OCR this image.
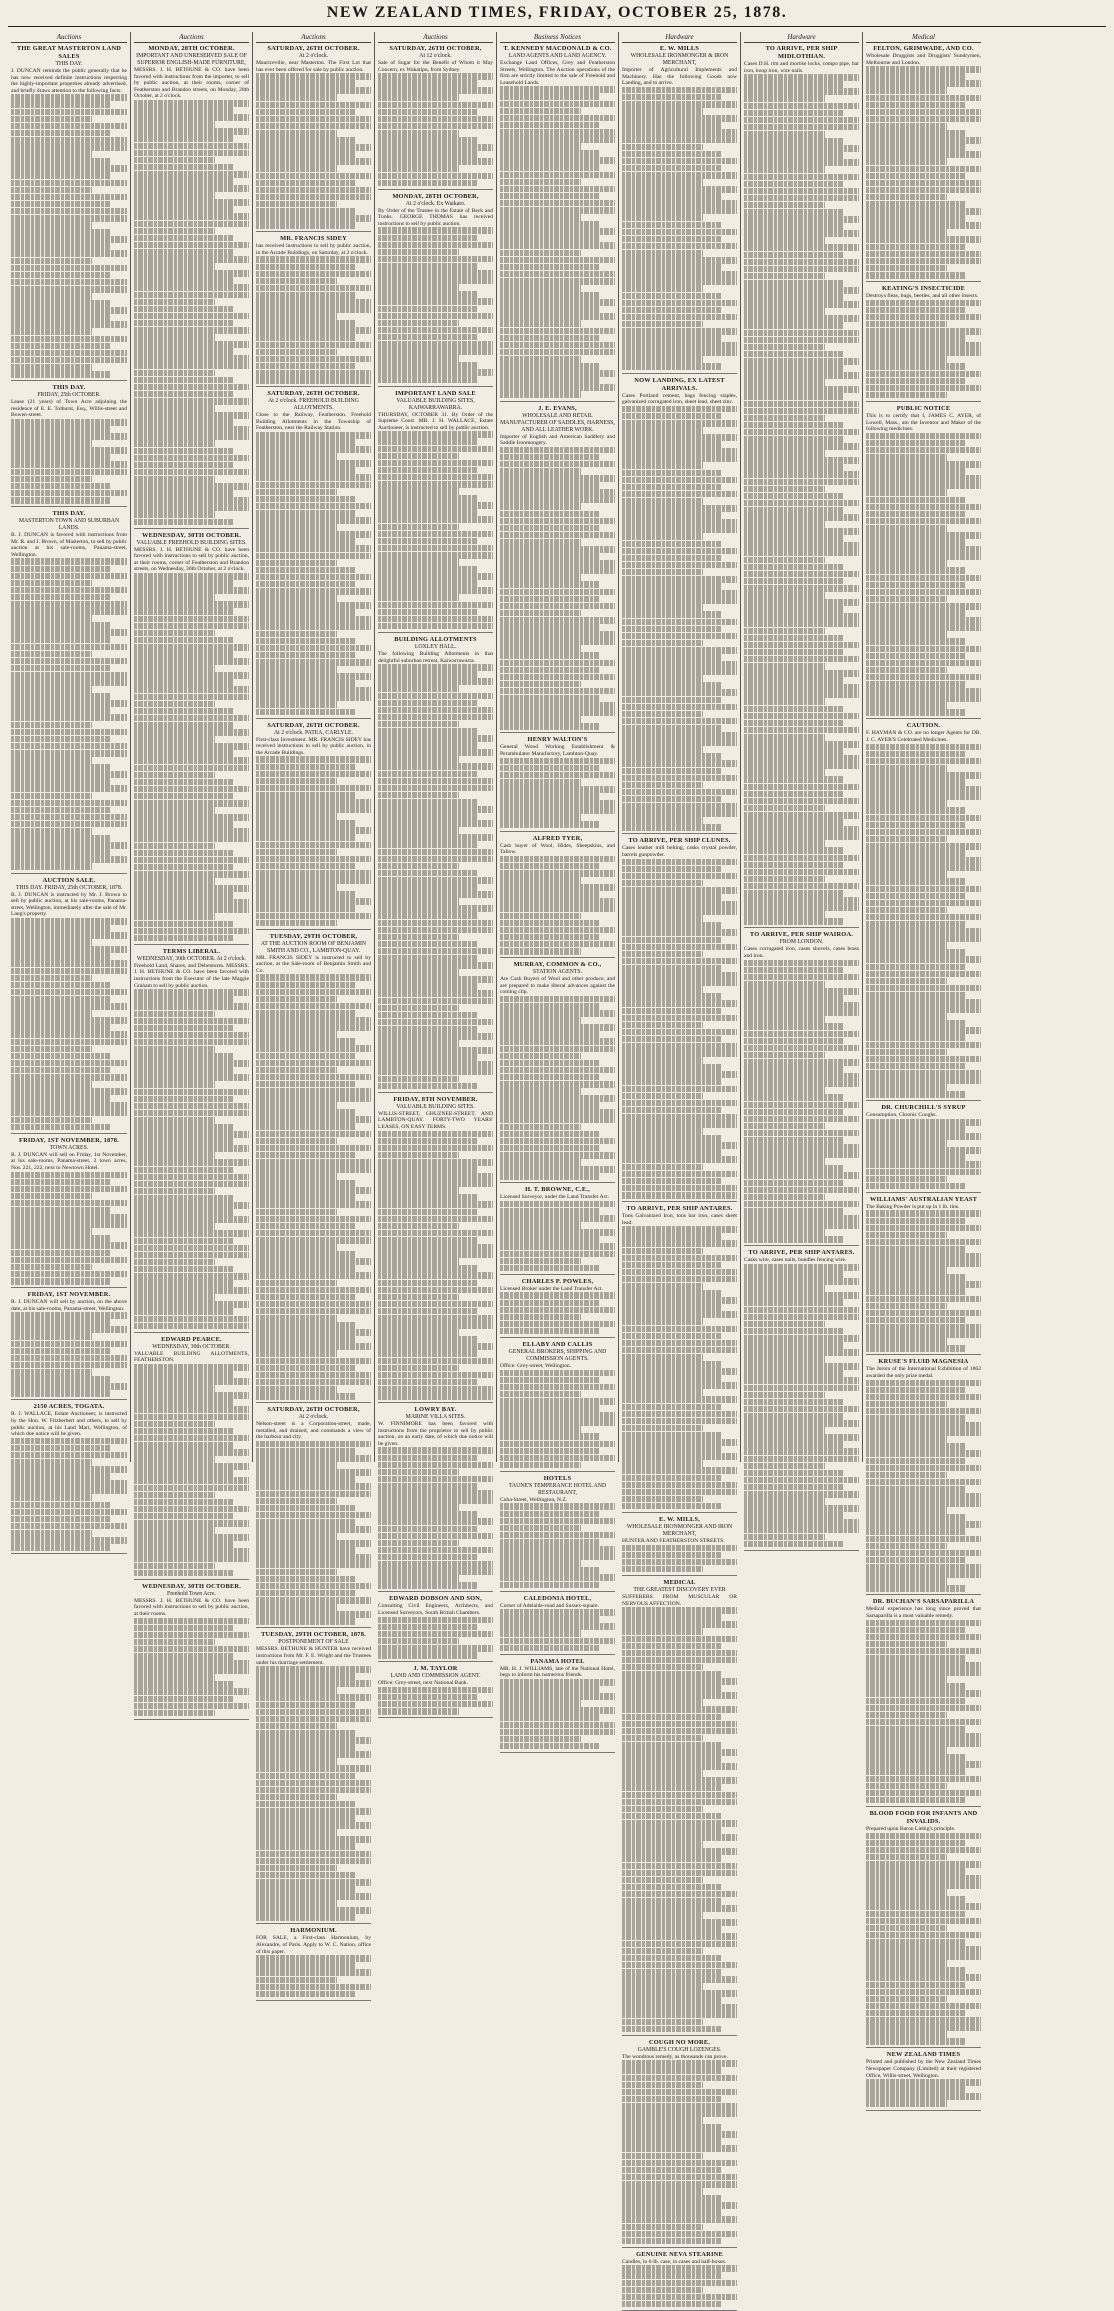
NEW ZEALAND TIMES, FRIDAY, OCTOBER 25, 1878.
Auctions
THE GREAT MASTERTON LAND SALES
THIS DAY.
J. DUNCAN reminds the public generally that he has now received definite instructions respecting the highly-important properties already advertised, and briefly draws attention to the following facts:
THIS DAY.
FRIDAY, 25th OCTOBER.
Lease (21 years) of Town Acre adjoining the residence of E. E. Tolhurst, Esq., Willis-street and Bowen-street.
THIS DAY.
MASTERTON TOWN AND SUBURBAN LANDS.
R. J. DUNCAN is favored with instructions from Mr. R. and J. Brown, of Masterton, to sell by public auction at his sale-rooms, Panama-street, Wellington.
AUCTION SALE.
THIS DAY. FRIDAY, 25th OCTOBER, 1878.
R. J. DUNCAN is instructed by Mr. J. Brown to sell by public auction, at his sale-rooms, Panama-street, Wellington, immediately after the sale of Mr. Lang's property.
FRIDAY, 1ST NOVEMBER, 1878.
TOWN ACRES.
R. J. DUNCAN will sell on Friday, 1st November, at his sale-rooms, Panama-street, 2 town acres, Nos. 221, 222, next to Newtown Hotel.
FRIDAY, 1ST NOVEMBER.
R. J. DUNCAN will sell by auction, on the above date, at his sale-rooms, Panama-street, Wellington.
2150 ACRES, TOGATA.
R. J. WALLACE, Estate Auctioneer, is instructed by the Hon. W. Fitzherbert and others, to sell by public auction, at his Land Mart, Wellington, of which due notice will be given.
Auctions
MONDAY, 28TH OCTOBER.
IMPORTANT AND UNRESERVED SALE OF SUPERIOR ENGLISH-MADE FURNITURE,
MESSRS. J. H. BETHUNE & CO. have been favored with instructions from the importer, to sell by public auction, at their rooms, corner of Featherston and Brandon streets, on Monday, 28th October, at 2 o'clock.
WEDNESDAY, 30TH OCTOBER.
VALUABLE FREEHOLD BUILDING SITES.
MESSRS. J. H. BETHUNE & CO. have been favored with instructions to sell by public auction, at their rooms, corner of Featherston and Brandon streets, on Wednesday, 30th October, at 2 o'clock.
TERMS LIBERAL.
WEDNESDAY, 30th OCTOBER. At 2 o'clock.
Freehold Land, Shares, and Debentures. MESSRS. J. H. BETHUNE & CO. have been favored with instructions from the Executor of the late Maggie Graham to sell by public auction.
EDWARD PEARCE.
WEDNESDAY, 30th OCTOBER.
VALUABLE BUILDING ALLOTMENTS, FEATHERSTON.
WEDNESDAY, 30TH OCTOBER.
Freehold Town Acre.
MESSRS. J. H. BETHUNE & CO. have been favored with instructions to sell by public auction, at their rooms.
Auctions
SATURDAY, 26TH OCTOBER.
At 2 o'clock.
Mauricevilie, near Masterton. The First Lot that has ever been offered for sale by public auction.
MR. FRANCIS SIDEY
has received instructions to sell by public auction, in the Arcade Buildings, on Saturday, at 2 o'clock.
SATURDAY, 26TH OCTOBER.
At 2 o'clock. FREEHOLD BUILDING ALLOTMENTS.
Close to the Railway, Featherston. Freehold Building Allotments in the Township of Featherston, near the Railway Station.
SATURDAY, 26TH OCTOBER.
At 2 o'clock. PATEA, CARLYLE.
First-class Investment. MR. FRANCIS SIDEY has received instructions to sell by public auction, in the Arcade Buildings.
TUESDAY, 29TH OCTOBER,
AT THE AUCTION ROOM OF BENJAMIN SMITH AND CO., LAMBTON-QUAY.
MR. FRANCIS SIDEY is instructed to sell by auction, at the Sale-room of Benjamin Smith and Co.
SATURDAY, 26TH OCTOBER,
At 2 o'clock.
Nelson-street is a Corporation-street, made, metalled, and drained, and commands a view of the harbour and city.
TUESDAY, 29TH OCTOBER, 1878.
POSTPONEMENT OF SALE
MESSRS. BETHUNE & HUNTER have received instructions from Mr. F. E. Wright and the Trustees under his marriage settlement.
HARMONIUM.
FOR SALE, a First-class Harmonium, by Alexandre, of Paris. Apply to W. C. Nation, office of this paper.
Auctions
SATURDAY, 26TH OCTOBER,
At 12 o'clock.
Sale of Sugar for the Benefit of Whom it May Concern, ex Wakatipu, from Sydney.
MONDAY, 28TH OCTOBER,
At 2 o'clock. Ex Waikato.
By Order of the Trustee in the Estate of Beck and Tonks. GEORGE THOMAS has received instructions to sell by public auction.
IMPORTANT LAND SALE
VALUABLE BUILDING SITES, KAIWARRAWARRA.
THURSDAY, OCTOBER 31. By Order of the Supreme Court. MR. J. H. WALLACE, Estate Auctioneer, is instructed to sell by public auction.
BUILDING ALLOTMENTS
LOXLEY HALL.
The following Building Allotments in that delightful suburban retreat, Kaiwarrawarra.
FRIDAY, 8TH NOVEMBER.
VALUABLE BUILDING SITES.
WILLIS-STREET, GHUZNEE-STREET, AND LAMBTON-QUAY. FORTY-TWO YEARS' LEASES, ON EASY TERMS.
LOWRY BAY.
MARINE VILLA SITES.
W. FINNIMORE has been favored with instructions from the proprietor to sell by public auction, on an early date, of which due notice will be given.
EDWARD DOBSON AND SON,
Consulting Civil Engineers, Architects, and Licensed Surveyors, South British Chambers.
J. M. TAYLOR
LAND AND COMMISSION AGENT.
Office: Grey-street, next National Bank.
Business Notices
T. KENNEDY MACDONALD & CO.
LAND AGENTS AND LAND AGENCY.
Exchange Land Offices, Grey and Featherston Streets, Wellington. The Auction operations of the firm are strictly limited to the sale of Freehold and Leasehold Lands.
J. E. EVANS,
WHOLESALE AND RETAIL MANUFACTURER OF SADDLES, HARNESS, AND ALL LEATHER WORK.
Importer of English and American Saddlery and Saddle Ironmongery.
HENRY WALTON'S
General Wood Working Establishment & Perambulator Manufactory, Lambton-Quay.
ALFRED TYER,
Cash buyer of Wool, Hides, Sheepskins, and Tallow.
MURRAY, COMMON & CO.,
STATION AGENTS.
Are Cash Buyers of Wool and other produce, and are prepared to make liberal advances against the coming clip.
H. T. BROWNE, C.E.,
Licensed Surveyor, under the Land Transfer Act.
CHARLES P. POWLES,
Licensed Broker under the Land Transfer Act.
ELLABY AND CALLIS
GENERAL BROKERS, SHIPPING AND COMMISSION AGENTS.
Office: Grey-street, Wellington.
HOTELS
TAUNE'S TEMPERANCE HOTEL AND RESTAURANT,
Cuba-Street, Wellington, N.Z.
CALEDONIA HOTEL,
Corner of Adelaide-road and Sussex-square.
PANAMA HOTEL
MR. H. J. WILLIAMS, late of the National Hotel, begs to inform his numerous friends.
Hardware
E. W. MILLS
WHOLESALE IRONMONGER & IRON MERCHANT,
Importer of Agricultural Implements and Machinery. Has the following Goods now Landing, and to arrive.
NOW LANDING, EX LATEST ARRIVALS.
Cases Portland cement, bags fencing staples, galvanized corrugated iron, sheet lead, sheet zinc.
TO ARRIVE, PER SHIP CLUNES.
Cases leather mill belting, casks crystal powder, barrels gunpowder.
TO ARRIVE, PER SHIP ANTARES.
Tons Galvanized Iron, tons bar iron, cases sheet lead.
E. W. MILLS,
WHOLESALE IRONMONGER AND IRON MERCHANT,
HUNTER AND FEATHERSTON STREETS.
MEDICAL
THE GREATEST DISCOVERY EVER
SUFFERERS FROM MUSCULAR OR NERVOUS AFFECTION.
COUGH NO MORE.
GAMBLE'S COUGH LOZENGES.
The wondrous remedy, as thousands can prove.
GENUINE NEVA STEARINE
Candles, in 6-lb. case, in cases and half-boxes.
Hardware
TO ARRIVE, PER SHIP MIDLOTHIAN.
Cases D.H. rim and mortise locks, compo pipe, bar iron, hoop iron, wire nails.
TO ARRIVE, PER SHIP WAIROA.
FROM LONDON.
Cases corrugated iron, cases shovels, cases brass and iron.
TO ARRIVE, PER SHIP ANTARES.
Casks wire, cases nails, bundles fencing wire.
Medical
FELTON, GRIMWADE, AND CO.
Wholesale Druggists and Druggists' Sundrymen, Melbourne and London.
KEATING'S INSECTICIDE
Destroys fleas, bugs, beetles, and all other insects.
PUBLIC NOTICE
This is to certify that I, JAMES C. AYER, of Lowell, Mass., am the Inventor and Maker of the following medicines.
CAUTION.
F. HAYMAN & CO. are no longer Agents for DR. J. C. AYER'S Celebrated Medicines.
DR. CHURCHILL'S SYRUP
Consumption, Chronic Coughs.
WILLIAMS' AUSTRALIAN YEAST
The Baking Powder is put up in 1 lb. tins.
KRUSE'S FLUID MAGNESIA
The Jurors of the International Exhibition of 1862 awarded the only prize medal.
DR. BUCHAN'S SARSAPARILLA
Medical experience has long since proved that Sarsaparilla is a most valuable remedy.
BLOOD FOOD FOR INFANTS AND INVALIDS.
Prepared upon Baron Liebig's principle.
NEW ZEALAND TIMES
Printed and published by the New Zealand Times Newspaper Company (Limited) at their registered Office, Willis-street, Wellington.
